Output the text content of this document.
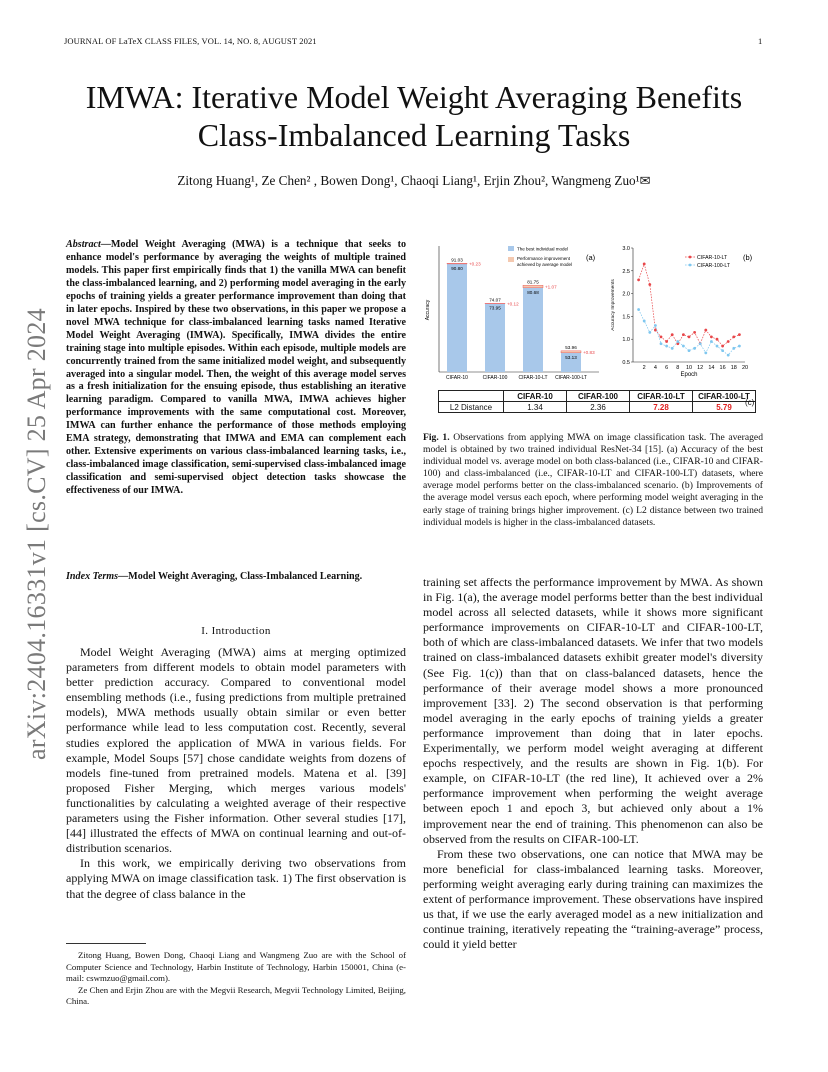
JOURNAL OF LaTeX CLASS FILES, VOL. 14, NO. 8, AUGUST 2021	1
IMWA: Iterative Model Weight Averaging Benefits
Class-Imbalanced Learning Tasks
Zitong Huang¹, Ze Chen² , Bowen Dong¹, Chaoqi Liang¹, Erjin Zhou², Wangmeng Zuo¹✉
arXiv:2404.16331v1 [cs.CV] 25 Apr 2024
Abstract—Model Weight Averaging (MWA) is a technique that seeks to enhance model's performance by averaging the weights of multiple trained models. This paper first empirically finds that 1) the vanilla MWA can benefit the class-imbalanced learning, and 2) performing model averaging in the early epochs of training yields a greater performance improvement than doing that in later epochs. Inspired by these two observations, in this paper we propose a novel MWA technique for class-imbalanced learning tasks named Iterative Model Weight Averaging (IMWA). Specifically, IMWA divides the entire training stage into multiple episodes. Within each episode, multiple models are concurrently trained from the same initialized model weight, and subsequently averaged into a singular model. Then, the weight of this average model serves as a fresh initialization for the ensuing episode, thus establishing an iterative learning paradigm. Compared to vanilla MWA, IMWA achieves higher performance improvements with the same computational cost. Moreover, IMWA can further enhance the performance of those methods employing EMA strategy, demonstrating that IMWA and EMA can complement each other. Extensive experiments on various class-imbalanced learning tasks, i.e., class-imbalanced image classification, semi-supervised class-imbalanced image classification and semi-supervised object detection tasks showcase the effectiveness of our IMWA.
Index Terms—Model Weight Averaging, Class-Imbalanced Learning.
I. Introduction

Model Weight Averaging (MWA) aims at merging optimized parameters from different models to obtain model parameters with better prediction accuracy. Compared to conventional model ensembling methods (i.e., fusing predictions from multiple pretrained models), MWA methods usually obtain similar or even better performance while lead to less computation cost. Recently, several studies explored the application of MWA in various fields. For example, Model Soups [57] chose candidate weights from dozens of models fine-tuned from pretrained models. Matena et al. [39] proposed Fisher Merging, which merges various models' functionalities by calculating a weighted average of their respective parameters using the Fisher information. Other several studies [17], [44] illustrated the effects of MWA on continual learning and out-of-distribution scenarios.

In this work, we empirically deriving two observations from applying MWA on image classification task. 1) The first observation is that the degree of class balance in the

Zitong Huang, Bowen Dong, Chaoqi Liang and Wangmeng Zuo are with the School of Computer Science and Technology, Harbin Institute of Technology, Harbin 150001, China (e-mail: cswmzuo@gmail.com).

Ze Chen and Erjin Zhou are with the Megvii Research, Megvii Technology Limited, Beijing, China.

Accuracy
The best individual model
Performance improvement
achieved by average model
(a)
91.03
90.80
+0.23
CIFAR-10
74.07
73.95
+0.12
CIFAR-100
81.75
80.68
+1.07
CIFAR-10-LT
53.96
53.13
+0.83
CIFAR-100-LT
0.5
1.0
1.5
2.0
2.5
3.0
2 4 6 8 10 12 14 16 18 20
Epoch
Accuracy Improvements
CIFAR-10-LT
CIFAR-100-LT
(b)
	CIFAR-10	CIFAR-100	CIFAR-10-LT	CIFAR-100-LT
L2 Distance	1.34	2.36	7.28	5.79 (c)
Fig. 1. Observations from applying MWA on image classification task. The averaged model is obtained by two trained individual ResNet-34 [15]. (a) Accuracy of the best individual model vs. average model on both class-balanced (i.e., CIFAR-10 and CIFAR-100) and class-imbalanced (i.e., CIFAR-10-LT and CIFAR-100-LT) datasets, where average model performs better on the class-imbalanced scenario. (b) Improvements of the average model versus each epoch, where performing model weight averaging in the early stage of training brings higher improvement. (c) L2 distance between two trained individual models is higher in the class-imbalanced datasets.

training set affects the performance improvement by MWA. As shown in Fig. 1(a), the average model performs better than the best individual model across all selected datasets, while it shows more significant performance improvements on CIFAR-10-LT and CIFAR-100-LT, both of which are class-imbalanced datasets. We infer that two models trained on class-imbalanced datasets exhibit greater model's diversity (See Fig. 1(c)) than that on class-balanced datasets, hence the performance of their average model shows a more pronounced improvement [33]. 2) The second observation is that performing model averaging in the early epochs of training yields a greater performance improvement than doing that in later epochs. Experimentally, we perform model weight averaging at different epochs respectively, and the results are shown in Fig. 1(b). For example, on CIFAR-10-LT (the red line), It achieved over a 2% performance improvement when performing the weight average between epoch 1 and epoch 3, but achieved only about a 1% improvement near the end of training. This phenomenon can also be observed from the results on CIFAR-100-LT.

From these two observations, one can notice that MWA may be more beneficial for class-imbalanced learning tasks. Moreover, performing weight averaging early during training can maximizes the extent of performance improvement. These observations have inspired us that, if we use the early averaged model as a new initialization and continue training, iteratively repeating the “training-average” process, could it yield better
